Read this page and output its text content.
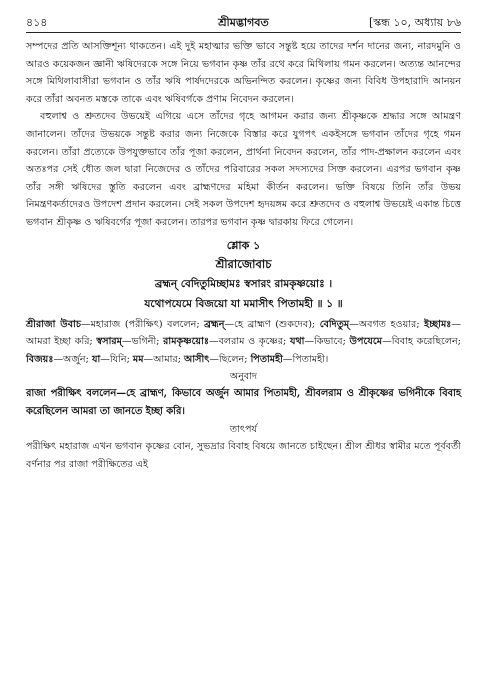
৪১৪	শ্রীমদ্ভাগবত	[স্কন্ধ ১০, অধ্যায় ৮৬

সম্পদের প্রতি আসক্তিশূন্য থাকতেন। এই দুই মহাত্মার ভক্তি ভাবে সন্তুষ্ট হয়ে তাদের দর্শন দানের জন্য, নারদমুনি ও আরও কয়েকজন জ্ঞানী ঋষিদেরকে সঙ্গে নিয়ে ভগবান কৃষ্ণ তাঁর রথে করে মিথিলায় গমন করলেন। অত্যন্ত আনন্দের সঙ্গে মিথিলাবাসীরা ভগবান ও তাঁর ঋষি পার্ষদদেরকে অভিনন্দিত করলেন। কৃষ্ণের জন্য বিবিধ উপহারাদি আনয়ন করে তাঁরা অবনত মস্তকে তাকে এবং ঋষিবর্গকে প্রণাম নিবেদন করলেন।

বহুলাশ্ব ও শ্রুতদেব উভয়েই এগিয়ে এসে তাঁদের গৃহে আগমন করার জন্য শ্রীকৃষ্ণকে শ্রদ্ধার সঙ্গে আমন্ত্রণ জানালেন। তাঁদের উভয়কে সন্তুষ্ট করার জন্য নিজেকে বিস্তার করে যুগপৎ একইসঙ্গে ভগবান তাঁদের গৃহে গমন করলেন। তাঁরা প্রত্যেকে উপযুক্তভাবে তাঁর পূজা করলেন, প্রার্থনা নিবেদন করলেন, তাঁর পাদ-প্রক্ষালন করলেন এবং অতঃপর সেই ধৌত জল দ্বারা নিজেদের ও তাঁদের পরিবারের সকল সদস্যদের সিক্ত করলেন। এরপর ভগবান কৃষ্ণ তাঁর সঙ্গী ঋষিদের স্তুতি করলেন এবং ব্রাহ্মণদের মহিমা কীর্তন করলেন। ভক্তি বিষয়ে তিনি তাঁর উভয় নিমন্ত্রণকর্তাদেরও উপদেশ প্রদান করলেন। সেই সকল উপদেশ হৃদয়ঙ্গম করে শ্রুতদেব ও বহুলাশ্ব উভয়েই একান্ত চিত্তে ভগবান শ্রীকৃষ্ণ ও ঋষিবর্গের পূজা করলেন। তারপর ভগবান কৃষ্ণ দ্বারকায় ফিরে গেলেন।

শ্লোক ১
শ্রীরাজোবাচ
ব্রহ্মন্ বেদিতুমিচ্ছামঃ স্বসারং রামকৃষ্ণয়োঃ ।
যথোপযেমে বিজয়ো যা মমাসীৎ পিতামহী ॥ ১ ॥
শ্রীরাজা উবাচ—মহারাজ (পরীক্ষিৎ) বললেন; ব্রহ্মন্—হে ব্রাহ্মণ (শুকদেব); বেদিতুম্—অবগত হওয়ার; ইচ্ছামঃ—আমরা ইচ্ছা করি; স্বসারম্—ভগিনী; রামকৃষ্ণয়োঃ—বলরাম ও কৃষ্ণের; যথা—কিভাবে; উপযেমে—বিবাহ করেছিলেন; বিজয়ঃ—অর্জুন; যা—যিনি; মম—আমার; আসীৎ—ছিলেন; পিতামহী—পিতামহী।
অনুবাদ
রাজা পরীক্ষিৎ বললেন—হে ব্রাহ্মণ, কিভাবে অর্জুন আমার পিতামহী, শ্রীবলরাম ও শ্রীকৃষ্ণের ভগিনীকে বিবাহ করেছিলেন আমরা তা জানতে ইচ্ছা করি।
তাৎপর্য

পরীক্ষিৎ মহারাজ এখন ভগবান কৃষ্ণের বোন, সুভদ্রার বিবাহ বিষয়ে জানতে চাইছেন। শ্রীল শ্রীধর স্বামীর মতে পূর্ববর্তী বর্ণনার পর রাজা পরীক্ষিতের এই
